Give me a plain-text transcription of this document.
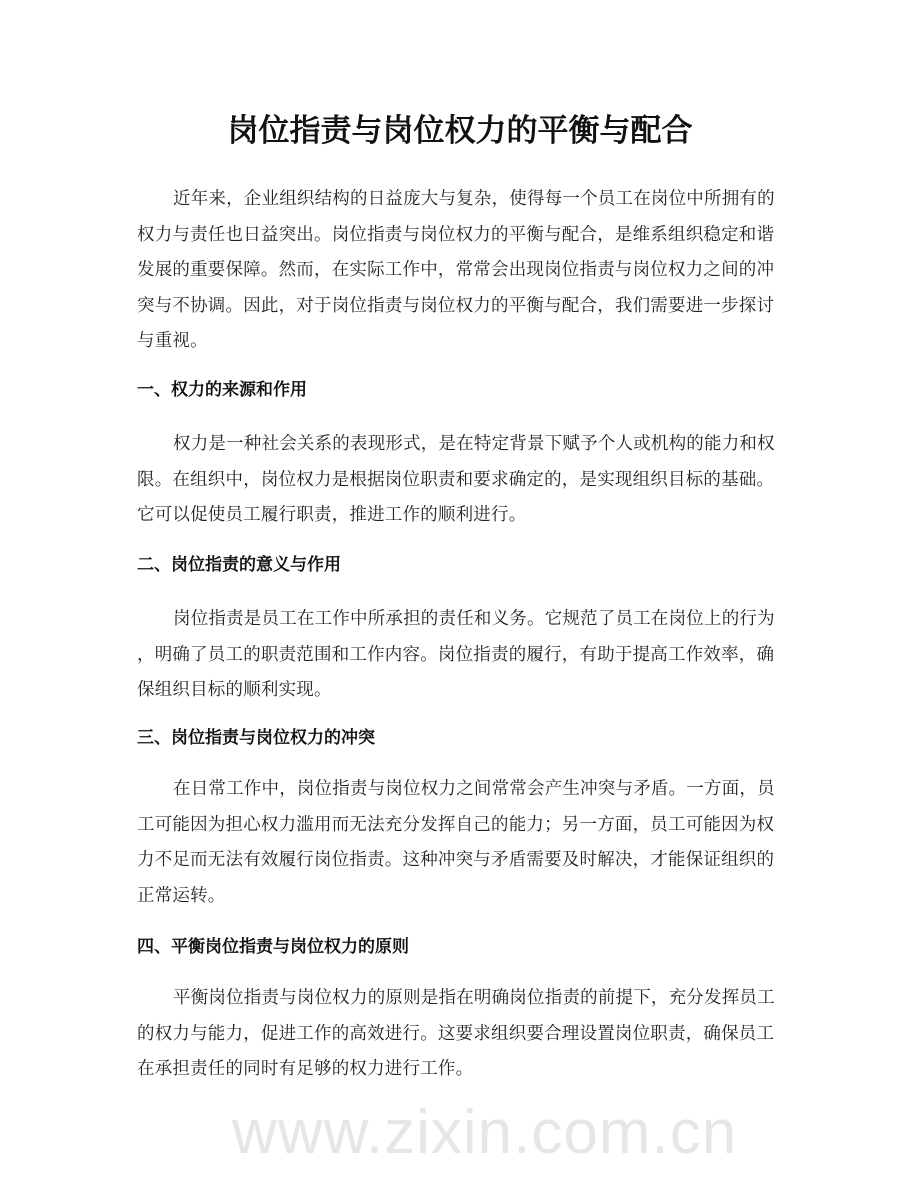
www.zixin.com.cn
岗位指责与岗位权力的平衡与配合
近年来，企业组织结构的日益庞大与复杂，使得每一个员工在岗位中所拥有的
权力与责任也日益突出。岗位指责与岗位权力的平衡与配合，是维系组织稳定和谐
发展的重要保障。然而，在实际工作中，常常会出现岗位指责与岗位权力之间的冲
突与不协调。因此，对于岗位指责与岗位权力的平衡与配合，我们需要进一步探讨
与重视。
一、权力的来源和作用
权力是一种社会关系的表现形式，是在特定背景下赋予个人或机构的能力和权
限。在组织中，岗位权力是根据岗位职责和要求确定的，是实现组织目标的基础。
它可以促使员工履行职责，推进工作的顺利进行。
二、岗位指责的意义与作用
岗位指责是员工在工作中所承担的责任和义务。它规范了员工在岗位上的行为
，明确了员工的职责范围和工作内容。岗位指责的履行，有助于提高工作效率，确
保组织目标的顺利实现。
三、岗位指责与岗位权力的冲突
在日常工作中，岗位指责与岗位权力之间常常会产生冲突与矛盾。一方面，员
工可能因为担心权力滥用而无法充分发挥自己的能力；另一方面，员工可能因为权
力不足而无法有效履行岗位指责。这种冲突与矛盾需要及时解决，才能保证组织的
正常运转。
四、平衡岗位指责与岗位权力的原则
平衡岗位指责与岗位权力的原则是指在明确岗位指责的前提下，充分发挥员工
的权力与能力，促进工作的高效进行。这要求组织要合理设置岗位职责，确保员工
在承担责任的同时有足够的权力进行工作。
